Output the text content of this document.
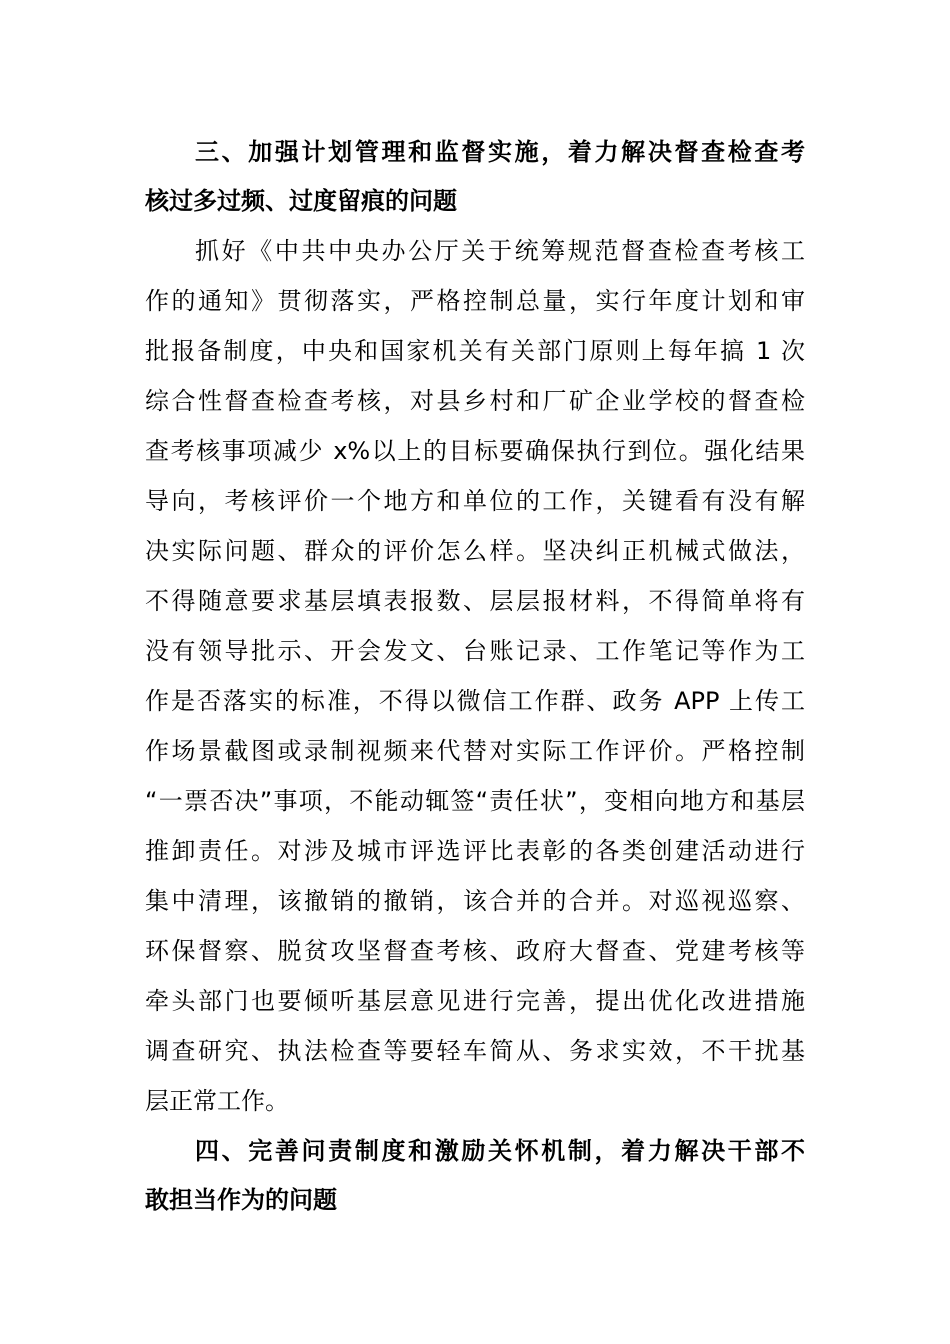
三、加强计划管理和监督实施，着力解决督查检查考
核过多过频、过度留痕的问题
抓好《中共中央办公厅关于统筹规范督查检查考核工
作的通知》贯彻落实，严格控制总量，实行年度计划和审
批报备制度，中央和国家机关有关部门原则上每年搞 1 次
综合性督查检查考核，对县乡村和厂矿企业学校的督查检
查考核事项减少 x%以上的目标要确保执行到位。强化结果
导向，考核评价一个地方和单位的工作，关键看有没有解
决实际问题、群众的评价怎么样。坚决纠正机械式做法，
不得随意要求基层填表报数、层层报材料，不得简单将有
没有领导批示、开会发文、台账记录、工作笔记等作为工
作是否落实的标准，不得以微信工作群、政务 APP 上传工
作场景截图或录制视频来代替对实际工作评价。严格控制
“一票否决”事项，不能动辄签“责任状”，变相向地方和基层
推卸责任。对涉及城市评选评比表彰的各类创建活动进行
集中清理，该撤销的撤销，该合并的合并。对巡视巡察、
环保督察、脱贫攻坚督查考核、政府大督查、党建考核等
牵头部门也要倾听基层意见进行完善，提出优化改进措施
调查研究、执法检查等要轻车简从、务求实效，不干扰基
层正常工作。
四、完善问责制度和激励关怀机制，着力解决干部不
敢担当作为的问题
